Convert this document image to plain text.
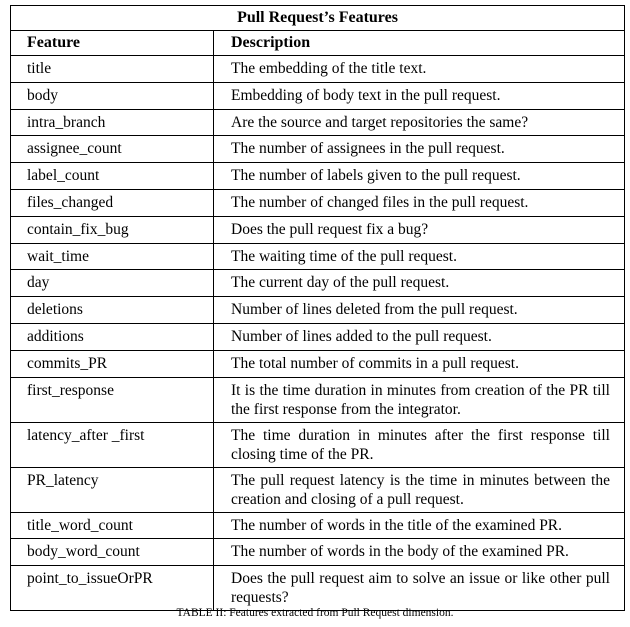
Pull Request’s Features	
Feature	Description
title	The embedding of the title text.
body	Embedding of body text in the pull request.
intra_branch	Are the source and target repositories the same?
assignee_count	The number of assignees in the pull request.
label_count	The number of labels given to the pull request.
files_changed	The number of changed files in the pull request.
contain_fix_bug	Does the pull request fix a bug?
wait_time	The waiting time of the pull request.
day	The current day of the pull request.
deletions	Number of lines deleted from the pull request.
additions	Number of lines added to the pull request.
commits_PR	The total number of commits in a pull request.
first_response	It is the time duration in minutes from creation of the PR till the first response from the integrator.
latency_after _first	The time duration in minutes after the first response till closing time of the PR.
PR_latency	The pull request latency is the time in minutes between the creation and closing of a pull request.
title_word_count	The number of words in the title of the examined PR.
body_word_count	The number of words in the body of the examined PR.
point_to_issueOrPR	Does the pull request aim to solve an issue or like other pull requests?
TABLE II: Features extracted from Pull Request dimension.
